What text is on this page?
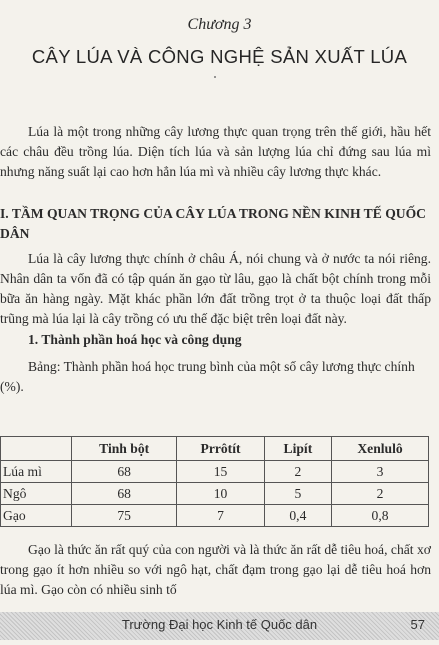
Chương 3
CÂY LÚA VÀ CÔNG NGHỆ SẢN XUẤT LÚA
Lúa là một trong những cây lương thực quan trọng trên thế giới, hầu hết các châu đều trồng lúa. Diện tích lúa và sản lượng lúa chỉ đứng sau lúa mì nhưng năng suất lại cao hơn hẳn lúa mì và nhiều cây lương thực khác.
I. TẦM QUAN TRỌNG CỦA CÂY LÚA TRONG NỀN KINH TẾ QUỐC DÂN
Lúa là cây lương thực chính ở châu Á, nói chung và ở nước ta nói riêng. Nhân dân ta vốn đã có tập quán ăn gạo từ lâu, gạo là chất bột chính trong mỗi bữa ăn hàng ngày. Mặt khác phần lớn đất trồng trọt ở ta thuộc loại đất thấp trũng mà lúa lại là cây trồng có ưu thế đặc biệt trên loại đất này.
1. Thành phần hoá học và công dụng
Bảng: Thành phần hoá học trung bình của một số cây lương thực chính (%).
	Tinh bột	Prrôtít	Lipít	Xenlulô
Lúa mì	68	15	2	3
Ngô	68	10	5	2
Gạo	75	7	0,4	0,8
Gạo là thức ăn rất quý của con người và là thức ăn rất dễ tiêu hoá, chất xơ trong gạo ít hơn nhiều so với ngô hạt, chất đạm trong gạo lại dễ tiêu hoá hơn lúa mì. Gạo còn có nhiều sinh tố
Trường Đại học Kinh tế Quốc dân	57
